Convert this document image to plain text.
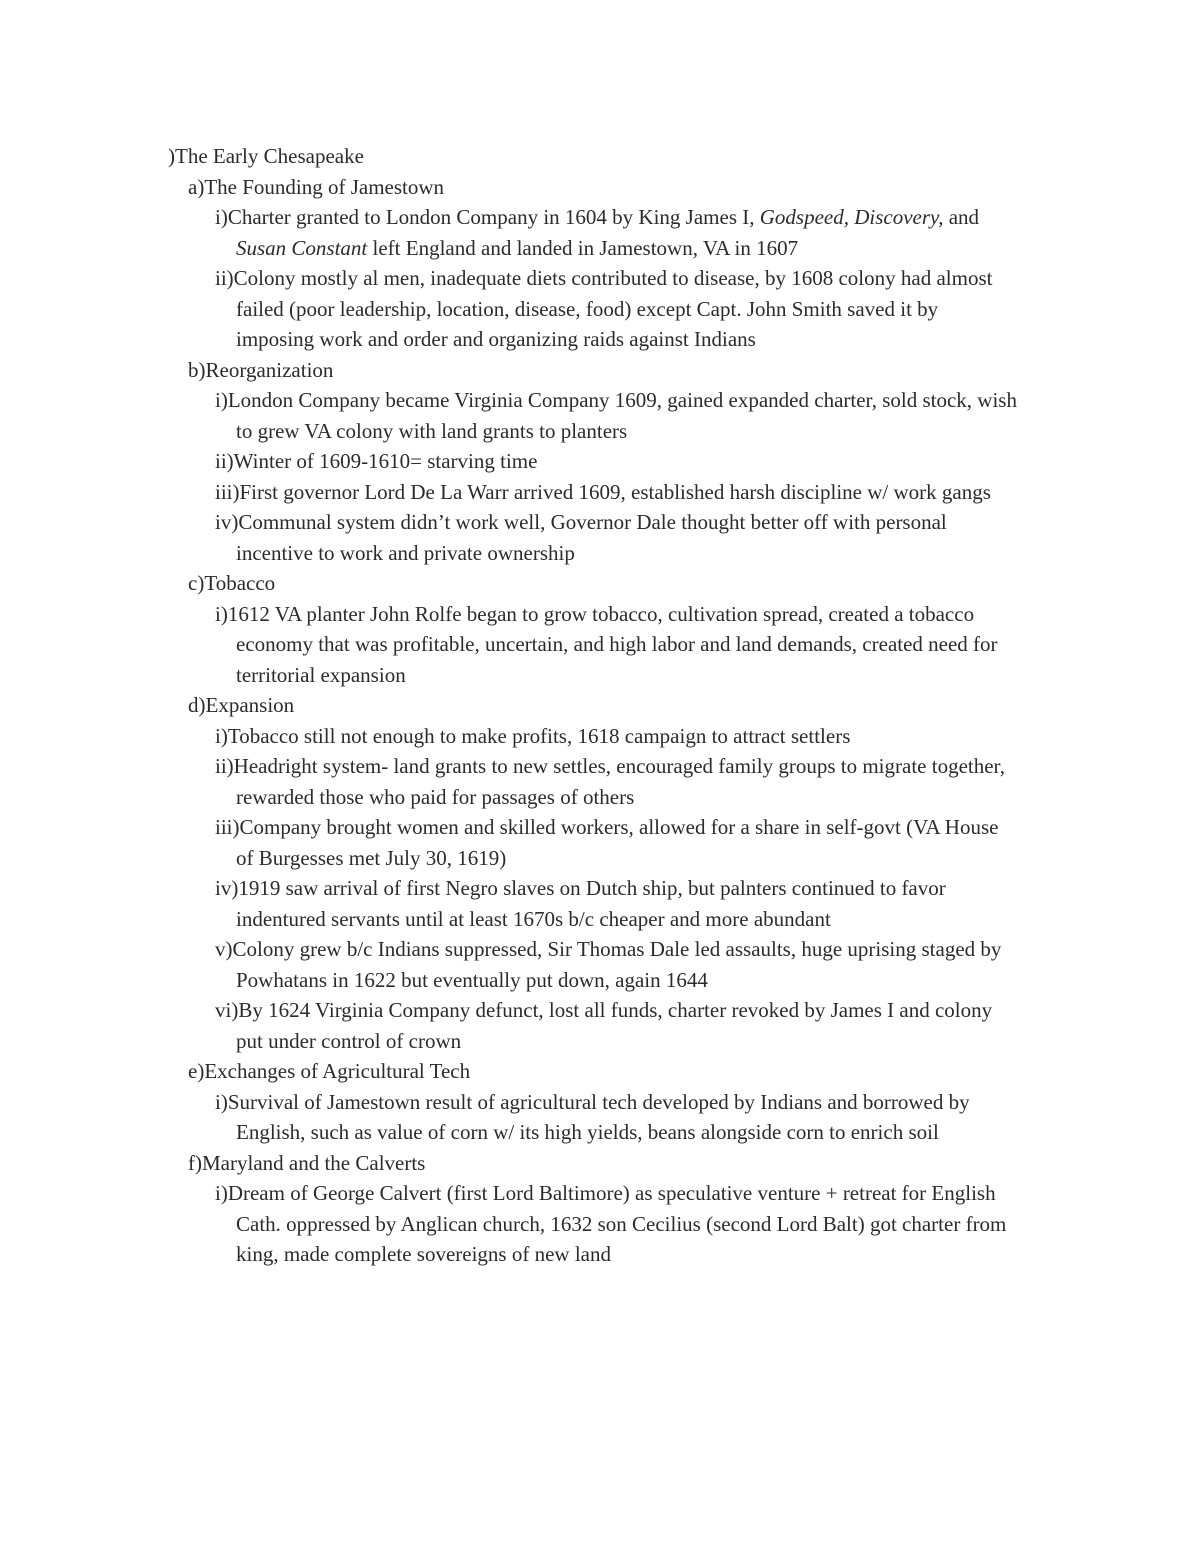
)The Early Chesapeake

a)The Founding of Jamestown

i)Charter granted to London Company in 1604 by King James I, Godspeed, Discovery, and Susan Constant left England and landed in Jamestown, VA in 1607

ii)Colony mostly al men, inadequate diets contributed to disease, by 1608 colony had almost failed (poor leadership, location, disease, food) except Capt. John Smith saved it by imposing work and order and organizing raids against Indians

b)Reorganization

i)London Company became Virginia Company 1609, gained expanded charter, sold stock, wish to grew VA colony with land grants to planters

ii)Winter of 1609-1610= starving time

iii)First governor Lord De La Warr arrived 1609, established harsh discipline w/ work gangs

iv)Communal system didn’t work well, Governor Dale thought better off with personal incentive to work and private ownership

c)Tobacco

i)1612 VA planter John Rolfe began to grow tobacco, cultivation spread, created a tobacco economy that was profitable, uncertain, and high labor and land demands, created need for territorial expansion

d)Expansion

i)Tobacco still not enough to make profits, 1618 campaign to attract settlers

ii)Headright system- land grants to new settles, encouraged family groups to migrate together, rewarded those who paid for passages of others

iii)Company brought women and skilled workers, allowed for a share in self-govt (VA House of Burgesses met July 30, 1619)

iv)1919 saw arrival of first Negro slaves on Dutch ship, but palnters continued to favor indentured servants until at least 1670s b/c cheaper and more abundant

v)Colony grew b/c Indians suppressed, Sir Thomas Dale led assaults, huge uprising staged by Powhatans in 1622 but eventually put down, again 1644

vi)By 1624 Virginia Company defunct, lost all funds, charter revoked by James I and colony put under control of crown

e)Exchanges of Agricultural Tech

i)Survival of Jamestown result of agricultural tech developed by Indians and borrowed by English, such as value of corn w/ its high yields, beans alongside corn to enrich soil

f)Maryland and the Calverts

i)Dream of George Calvert (first Lord Baltimore) as speculative venture + retreat for English Cath. oppressed by Anglican church, 1632 son Cecilius (second Lord Balt) got charter from king, made complete sovereigns of new land
